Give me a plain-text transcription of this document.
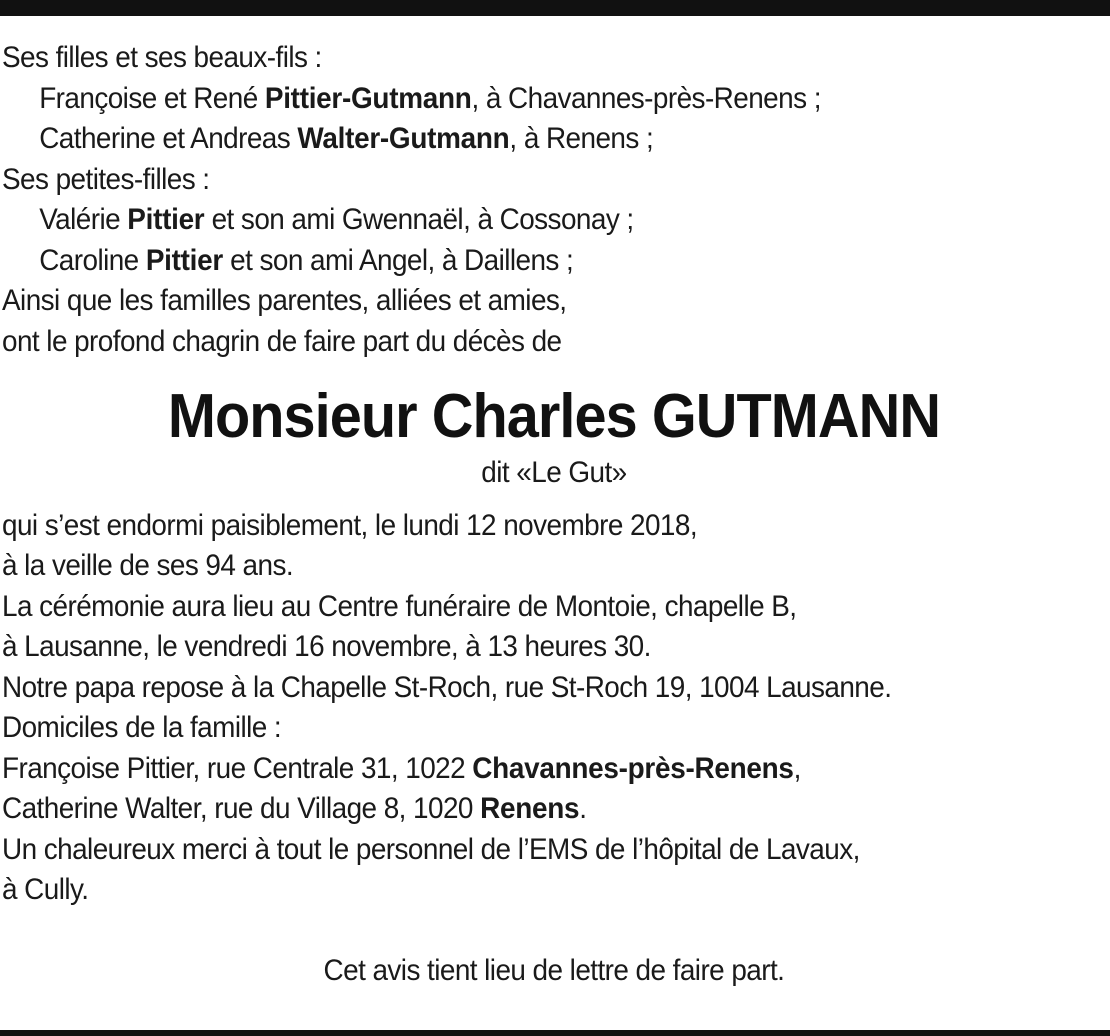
Ses filles et ses beaux-fils :

Françoise et René Pittier-Gutmann, à Chavannes-près-Renens ;

Catherine et Andreas Walter-Gutmann, à Renens ;

Ses petites-filles :

Valérie Pittier et son ami Gwennaël, à Cossonay ;

Caroline Pittier et son ami Angel, à Daillens ;

Ainsi que les familles parentes, alliées et amies,

ont le profond chagrin de faire part du décès de

Monsieur Charles GUTMANN

dit «Le Gut»

qui s’est endormi paisiblement, le lundi 12 novembre 2018,

à la veille de ses 94 ans.

La cérémonie aura lieu au Centre funéraire de Montoie, chapelle B,

à Lausanne, le vendredi 16 novembre, à 13 heures 30.

Notre papa repose à la Chapelle St-Roch, rue St-Roch 19, 1004 Lausanne.

Domiciles de la famille :

Françoise Pittier, rue Centrale 31, 1022 Chavannes-près-Renens,

Catherine Walter, rue du Village 8, 1020 Renens.

Un chaleureux merci à tout le personnel de l’EMS de l’hôpital de Lavaux,

à Cully.

Cet avis tient lieu de lettre de faire part.
